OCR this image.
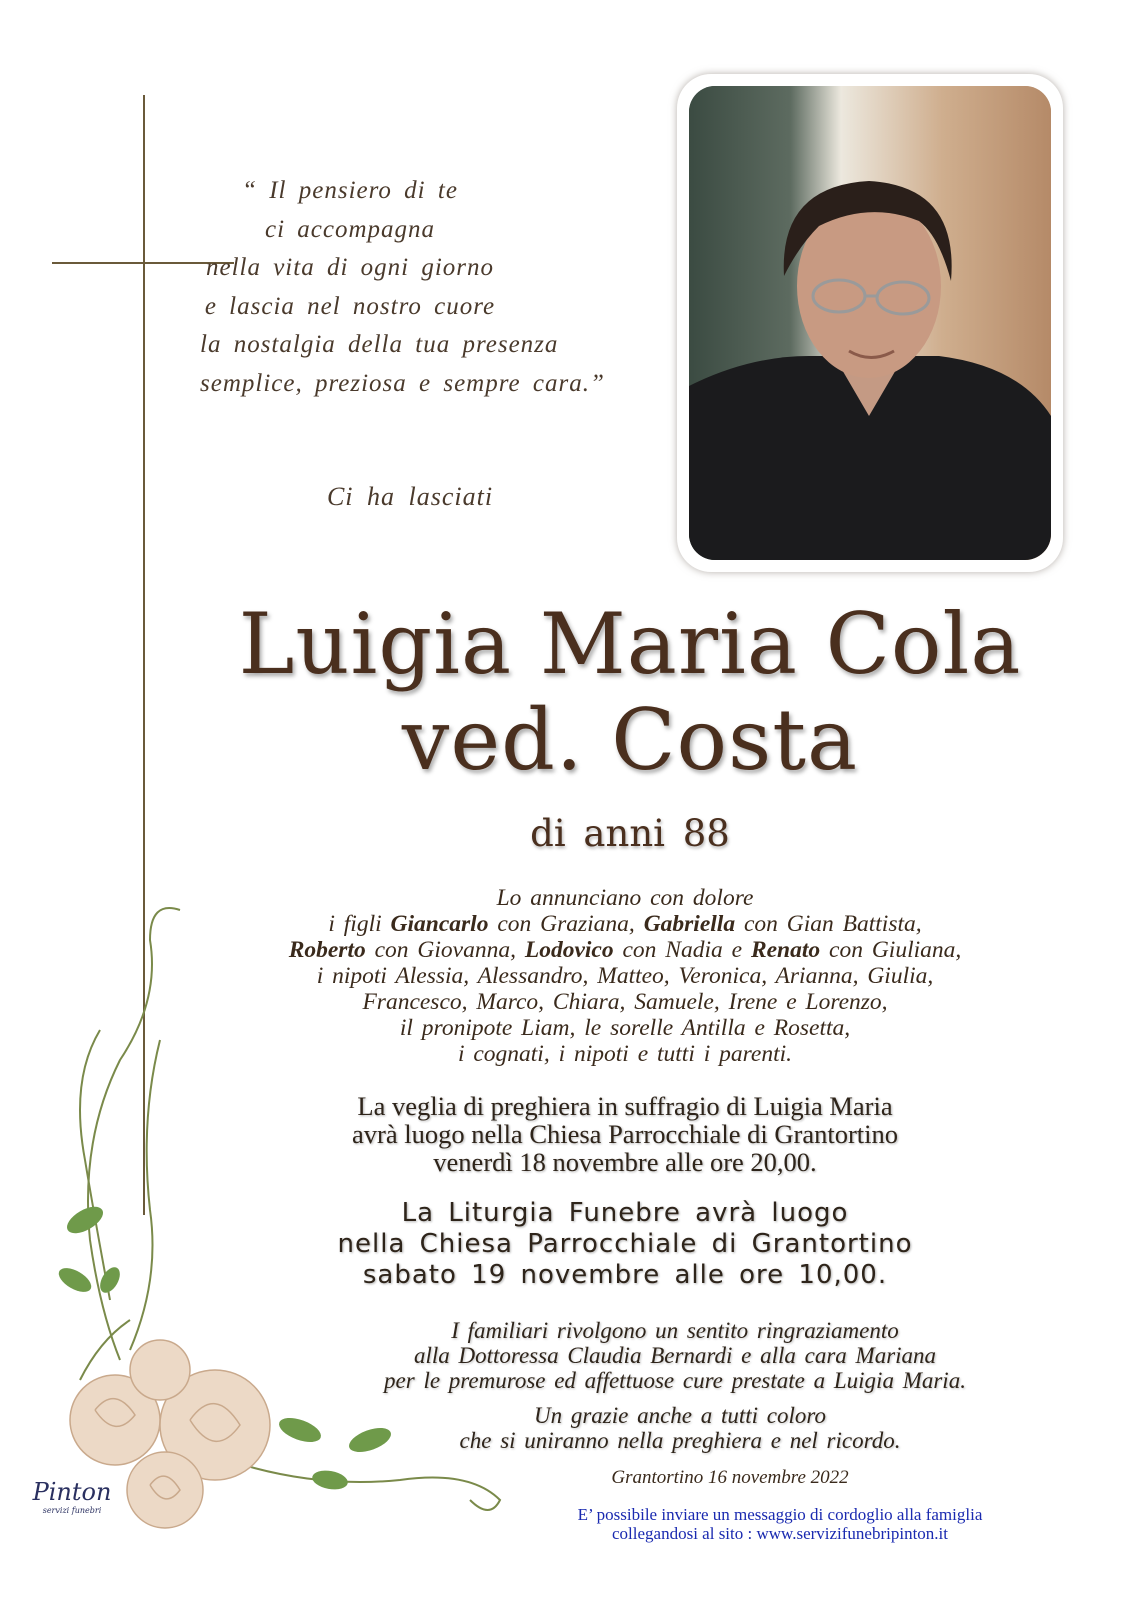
“ Il pensiero di te
ci accompagna
nella vita di ogni giorno
e lascia nel nostro cuore
la nostalgia della tua presenza
semplice, preziosa e sempre cara.”
Ci ha lasciati
Luigia Maria Cola
ved. Costa
di anni 88
Lo annunciano con dolore
i figli Giancarlo con Graziana, Gabriella con Gian Battista,
Roberto con Giovanna, Lodovico con Nadia e Renato con Giuliana,
i nipoti Alessia, Alessandro, Matteo, Veronica, Arianna, Giulia,
Francesco, Marco, Chiara, Samuele, Irene e Lorenzo,
il pronipote Liam, le sorelle Antilla e Rosetta,
i cognati, i nipoti e tutti i parenti.
La veglia di preghiera in suffragio di Luigia Maria
avrà luogo nella Chiesa Parrocchiale di Grantortino
venerdì 18 novembre alle ore 20,00.
La Liturgia Funebre avrà luogo
nella Chiesa Parrocchiale di Grantortino
sabato 19 novembre alle ore 10,00.
I familiari rivolgono un sentito ringraziamento
alla Dottoressa Claudia Bernardi e alla cara Mariana
per le premurose ed affettuose cure prestate a Luigia Maria.
Un grazie anche a tutti coloro
che si uniranno nella preghiera e nel ricordo.
Grantortino 16 novembre 2022
E’ possibile inviare un messaggio di cordoglio alla famiglia
collegandosi al sito : www.servizifunebripinton.it
Pinton
servizi funebri
